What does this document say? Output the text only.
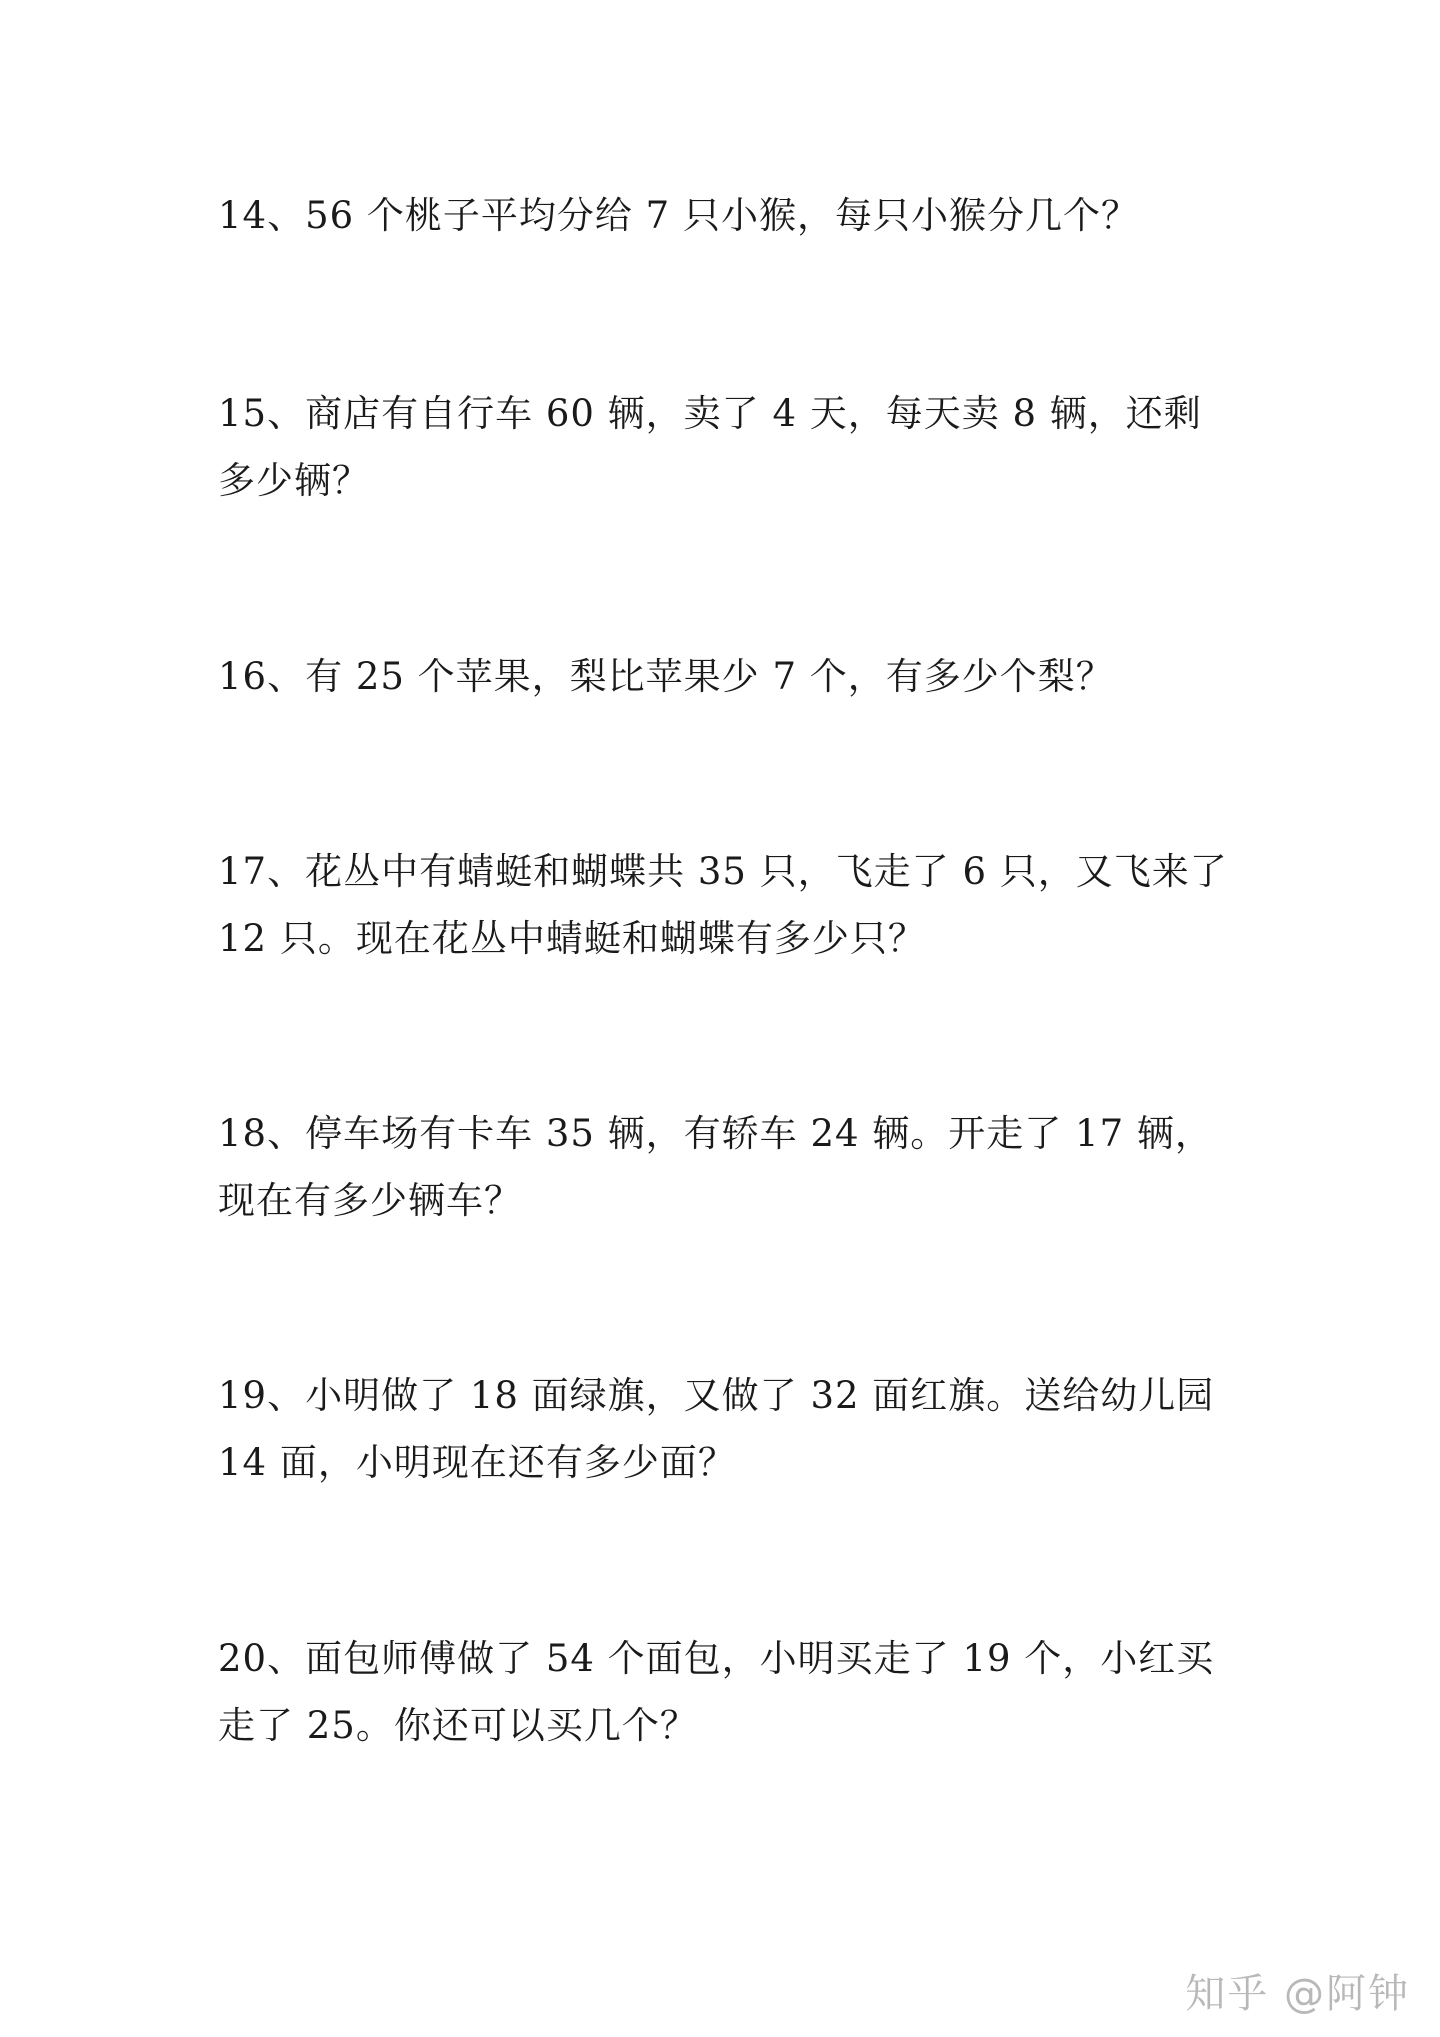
14、56 个桃子平均分给 7 只小猴，每只小猴分几个？

15、商店有自行车 60 辆，卖了 4 天，每天卖 8 辆，还剩多少辆？

16、有 25 个苹果，梨比苹果少 7 个，有多少个梨？

17、花丛中有蜻蜓和蝴蝶共 35 只，飞走了 6 只，又飞来了 12 只。现在花丛中蜻蜓和蝴蝶有多少只？

18、停车场有卡车 35 辆，有轿车 24 辆。开走了 17 辆，现在有多少辆车？

19、小明做了 18 面绿旗，又做了 32 面红旗。送给幼儿园 14 面，小明现在还有多少面？

20、面包师傅做了 54 个面包，小明买走了 19 个，小红买走了 25。你还可以买几个？

知乎 @阿钟
